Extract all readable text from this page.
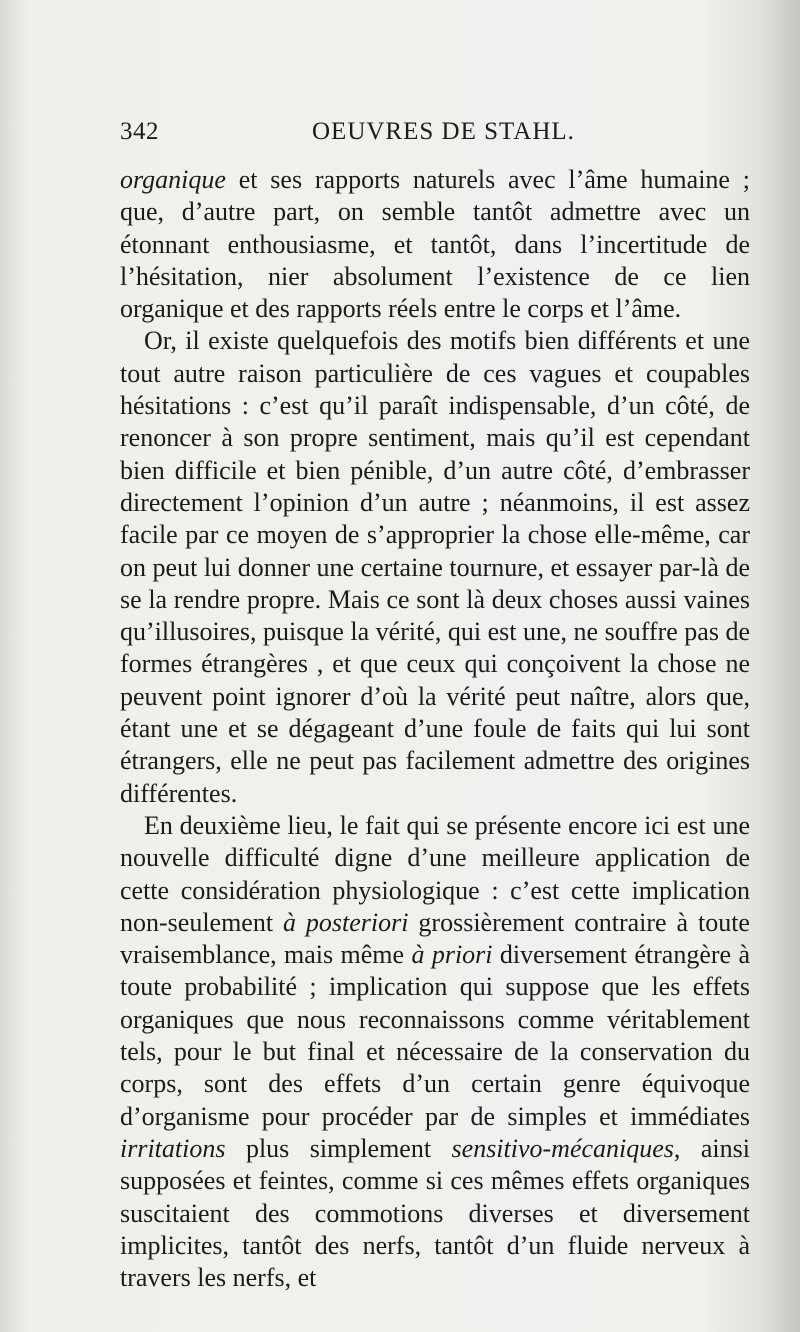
342	OEUVRES DE STAHL.

organique et ses rapports naturels avec l’âme humaine ; que, d’autre part, on semble tantôt admettre avec un étonnant enthousiasme, et tantôt, dans l’incertitude de l’hésitation, nier absolument l’existence de ce lien organique et des rapports réels entre le corps et l’âme.

Or, il existe quelquefois des motifs bien différents et une tout autre raison particulière de ces vagues et coupables hésitations : c’est qu’il paraît indispensable, d’un côté, de renoncer à son propre sentiment, mais qu’il est cependant bien difficile et bien pénible, d’un autre côté, d’embrasser directement l’opinion d’un autre ; néanmoins, il est assez facile par ce moyen de s’approprier la chose elle-même, car on peut lui donner une certaine tournure, et essayer par-là de se la rendre propre. Mais ce sont là deux choses aussi vaines qu’illusoires, puisque la vérité, qui est une, ne souffre pas de formes étrangères , et que ceux qui conçoivent la chose ne peuvent point ignorer d’où la vérité peut naître, alors que, étant une et se dégageant d’une foule de faits qui lui sont étrangers, elle ne peut pas facilement admettre des origines différentes.

En deuxième lieu, le fait qui se présente encore ici est une nouvelle difficulté digne d’une meilleure application de cette considération physiologique : c’est cette implication non-seulement à posteriori grossièrement contraire à toute vraisemblance, mais même à priori diversement étrangère à toute probabilité ; implication qui suppose que les effets organiques que nous reconnaissons comme véritablement tels, pour le but final et nécessaire de la conservation du corps, sont des effets d’un certain genre équivoque d’organisme pour procéder par de simples et immédiates irritations plus simplement sensitivo-mécaniques, ainsi supposées et feintes, comme si ces mêmes effets organiques suscitaient des commotions diverses et diversement implicites, tantôt des nerfs, tantôt d’un fluide nerveux à travers les nerfs, et
